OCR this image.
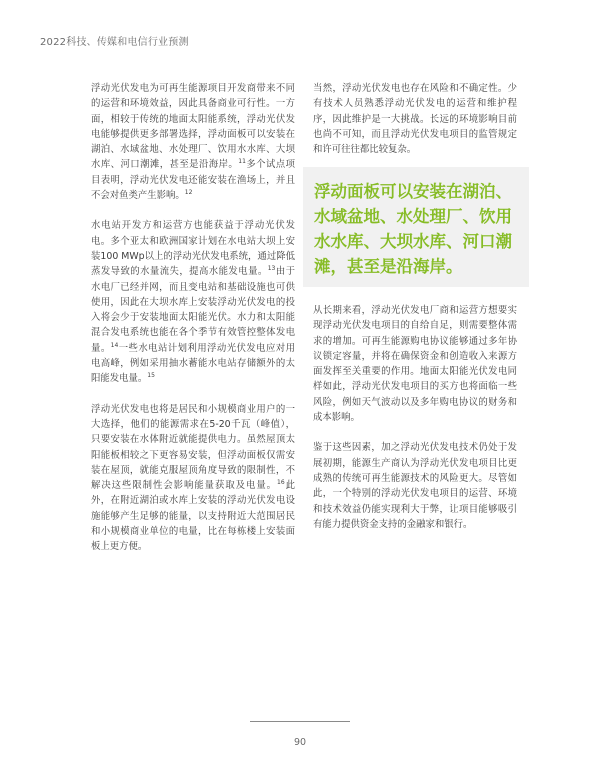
2022科技、传媒和电信行业预测

浮动光伏发电为可再生能源项目开发商带来不同的运营和环境效益，因此具备商业可行性。一方面，相较于传统的地面太阳能系统，浮动光伏发电能够提供更多部署选择，浮动面板可以安装在湖泊、水域盆地、水处理厂、饮用水水库、大坝水库、河口潮滩，甚至是沿海岸。$^{11}$多个试点项目表明，浮动光伏发电还能安装在渔场上，并且不会对鱼类产生影响。$^{12}$

水电站开发方和运营方也能获益于浮动光伏发电。多个亚太和欧洲国家计划在水电站大坝上安装100 MWp以上的浮动光伏发电系统，通过降低蒸发导致的水量流失，提高水能发电量。$^{13}$由于水电厂已经并网，而且变电站和基础设施也可供使用，因此在大坝水库上安装浮动光伏发电的投入将会少于安装地面太阳能光伏。水力和太阳能混合发电系统也能在各个季节有效管控整体发电量。$^{14}$一些水电站计划利用浮动光伏发电应对用电高峰，例如采用抽水蓄能水电站存储额外的太阳能发电量。$^{15}$

浮动光伏发电也将是居民和小规模商业用户的一大选择，他们的能源需求在5-20千瓦（峰值），只要安装在水体附近就能提供电力。虽然屋顶太阳能板相较之下更容易安装，但浮动面板仅需安装在屋顶，就能克服屋顶角度导致的限制性，不解决这些限制性会影响能量获取及电量。$^{16}$此外，在附近湖泊或水库上安装的浮动光伏发电设施能够产生足够的能量，以支持附近大范围居民和小规模商业单位的电量，比在每栋楼上安装面板上更方便。

当然，浮动光伏发电也存在风险和不确定性。少有技术人员熟悉浮动光伏发电的运营和维护程序，因此维护是一大挑战。长远的环境影响目前也尚不可知，而且浮动光伏发电项目的监管规定和许可往往都比较复杂。

浮动面板可以安装在湖泊、水域盆地、水处理厂、饮用水水库、大坝水库、河口潮滩，甚至是沿海岸。

从长期来看，浮动光伏发电厂商和运营方想要实现浮动光伏发电项目的自给自足，则需要整体需求的增加。可再生能源购电协议能够通过多年协议锁定容量，并将在确保资金和创造收入来源方面发挥至关重要的作用。地面太阳能光伏发电同样如此，浮动光伏发电项目的买方也将面临一些风险，例如天气波动以及多年购电协议的财务和成本影响。

鉴于这些因素，加之浮动光伏发电技术仍处于发展初期，能源生产商认为浮动光伏发电项目比更成熟的传统可再生能源技术的风险更大。尽管如此，一个特别的浮动光伏发电项目的运营、环境和技术效益仍能实现利大于弊，让项目能够吸引有能力提供资金支持的金融家和银行。

90
